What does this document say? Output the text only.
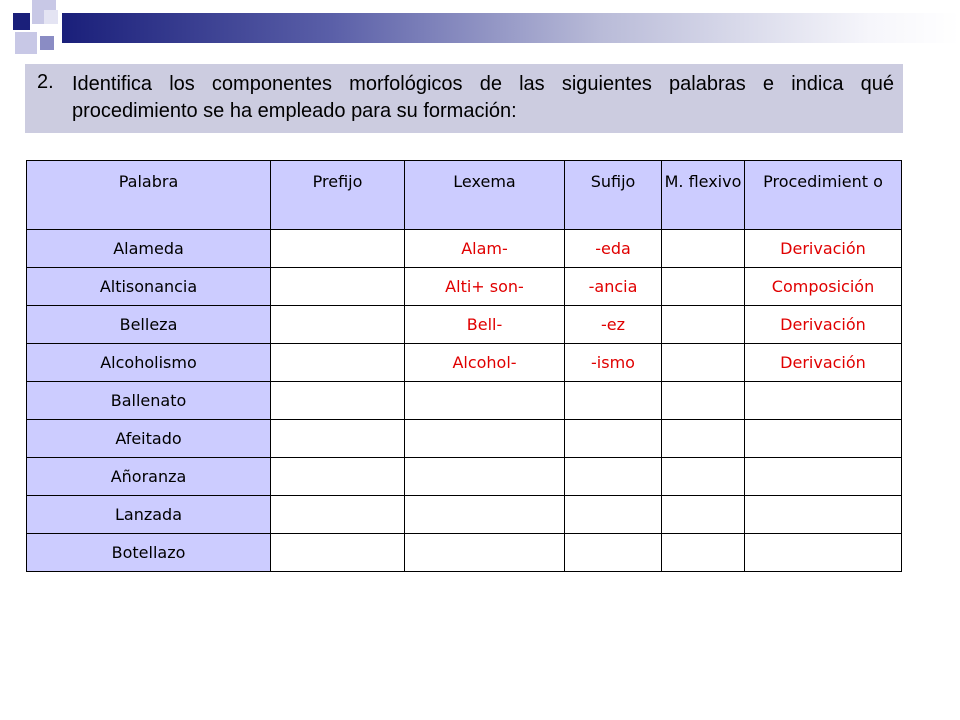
2. Identifica los componentes morfológicos de las siguientes palabras e indica qué procedimiento se ha empleado para su formación:
Palabra	Prefijo	Lexema	Sufijo	M. flexivo	Procedimient o
Alameda		Alam-	-eda		Derivación
Altisonancia		Alti+ son-	-ancia		Composición
Belleza		Bell-	-ez		Derivación
Alcoholismo		Alcohol-	-ismo		Derivación
Ballenato					
Afeitado					
Añoranza					
Lanzada					
Botellazo					
